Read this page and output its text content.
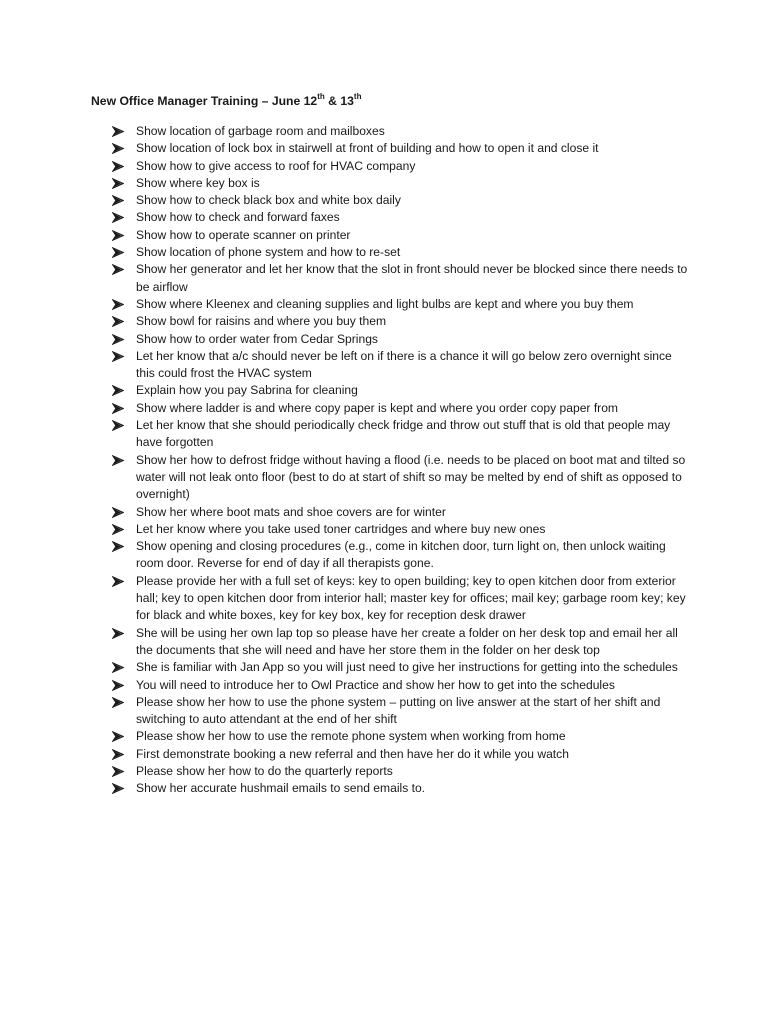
New Office Manager Training – June 12th & 13th
Show location of garbage room and mailboxes
Show location of lock box in stairwell at front of building and how to open it and close it
Show how to give access to roof for HVAC company
Show where key box is
Show how to check black box and white box daily
Show how to check and forward faxes
Show how to operate scanner on printer
Show location of phone system and how to re-set
Show her generator and let her know that the slot in front should never be blocked since there needs to be airflow
Show where Kleenex and cleaning supplies and light bulbs are kept and where you buy them
Show bowl for raisins and where you buy them
Show how to order water from Cedar Springs
Let her know that a/c should never be left on if there is a chance it will go below zero overnight since this could frost the HVAC system
Explain how you pay Sabrina for cleaning
Show where ladder is and where copy paper is kept and where you order copy paper from
Let her know that she should periodically check fridge and throw out stuff that is old that people may have forgotten
Show her how to defrost fridge without having a flood (i.e. needs to be placed on boot mat and tilted so water will not leak onto floor (best to do at start of shift so may be melted by end of shift as opposed to overnight)
Show her where boot mats and shoe covers are for winter
Let her know where you take used toner cartridges and where buy new ones
Show opening and closing procedures (e.g., come in kitchen door, turn light on, then unlock waiting room door. Reverse for end of day if all therapists gone.
Please provide her with a full set of keys: key to open building; key to open kitchen door from exterior hall; key to open kitchen door from interior hall; master key for offices; mail key; garbage room key; key for black and white boxes, key for key box, key for reception desk drawer
She will be using her own lap top so please have her create a folder on her desk top and email her all the documents that she will need and have her store them in the folder on her desk top
She is familiar with Jan App so you will just need to give her instructions for getting into the schedules
You will need to introduce her to Owl Practice and show her how to get into the schedules
Please show her how to use the phone system – putting on live answer at the start of her shift and switching to auto attendant at the end of her shift
Please show her how to use the remote phone system when working from home
First demonstrate booking a new referral and then have her do it while you watch
Please show her how to do the quarterly reports
Show her accurate hushmail emails to send emails to.
